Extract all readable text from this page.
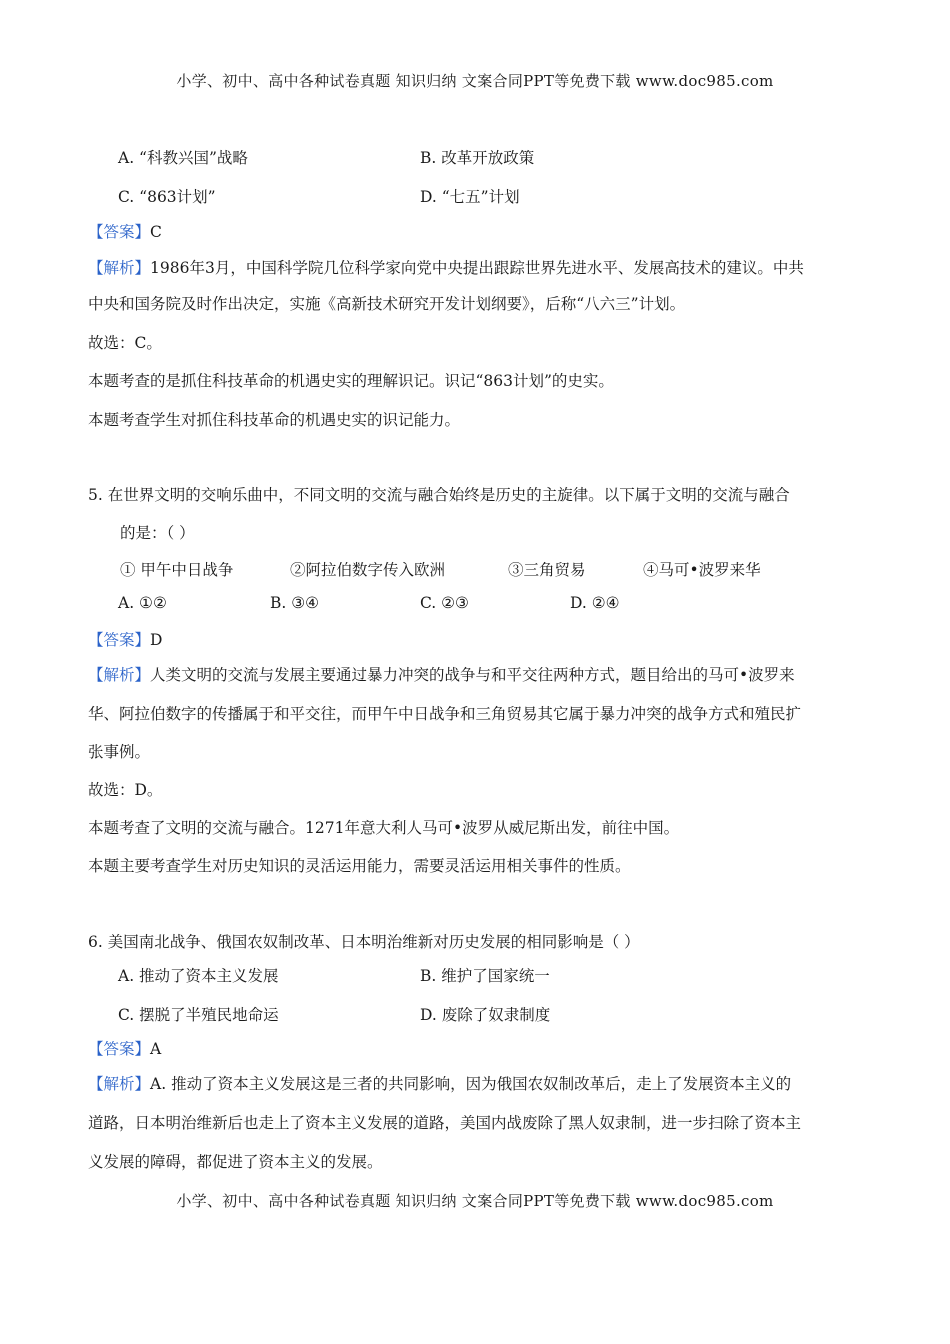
小学、初中、高中各种试卷真题 知识归纳 文案合同PPT等免费下载 www.doc985.com
A. “科教兴国”战略	B. 改革开放政策
C. “863计划”	D. “七五”计划
【答案】C
【解析】1986年3月，中国科学院几位科学家向党中央提出跟踪世界先进水平、发展高技术的建议。中共
中央和国务院及时作出决定，实施《高新技术研究开发计划纲要》，后称“八六三”计划。
故选：C。
本题考查的是抓住科技革命的机遇史实的理解识记。识记“863计划”的史实。
本题考查学生对抓住科技革命的机遇史实的识记能力。
5. 在世界文明的交响乐曲中，不同文明的交流与融合始终是历史的主旋律。以下属于文明的交流与融合
的是：（ ）
① 甲午中日战争	②阿拉伯数字传入欧洲	③三角贸易	④马可•波罗来华
A. ①②	B. ③④	C. ②③	D. ②④
【答案】D
【解析】人类文明的交流与发展主要通过暴力冲突的战争与和平交往两种方式，题目给出的马可•波罗来
华、阿拉伯数字的传播属于和平交往，而甲午中日战争和三角贸易其它属于暴力冲突的战争方式和殖民扩
张事例。
故选：D。
本题考查了文明的交流与融合。1271年意大利人马可•波罗从威尼斯出发，前往中国。
本题主要考查学生对历史知识的灵活运用能力，需要灵活运用相关事件的性质。
6. 美国南北战争、俄国农奴制改革、日本明治维新对历史发展的相同影响是（ ）
A. 推动了资本主义发展	B. 维护了国家统一
C. 摆脱了半殖民地命运	D. 废除了奴隶制度
【答案】A
【解析】A. 推动了资本主义发展这是三者的共同影响，因为俄国农奴制改革后，走上了发展资本主义的
道路，日本明治维新后也走上了资本主义发展的道路，美国内战废除了黑人奴隶制，进一步扫除了资本主
义发展的障碍，都促进了资本主义的发展。
小学、初中、高中各种试卷真题 知识归纳 文案合同PPT等免费下载 www.doc985.com
